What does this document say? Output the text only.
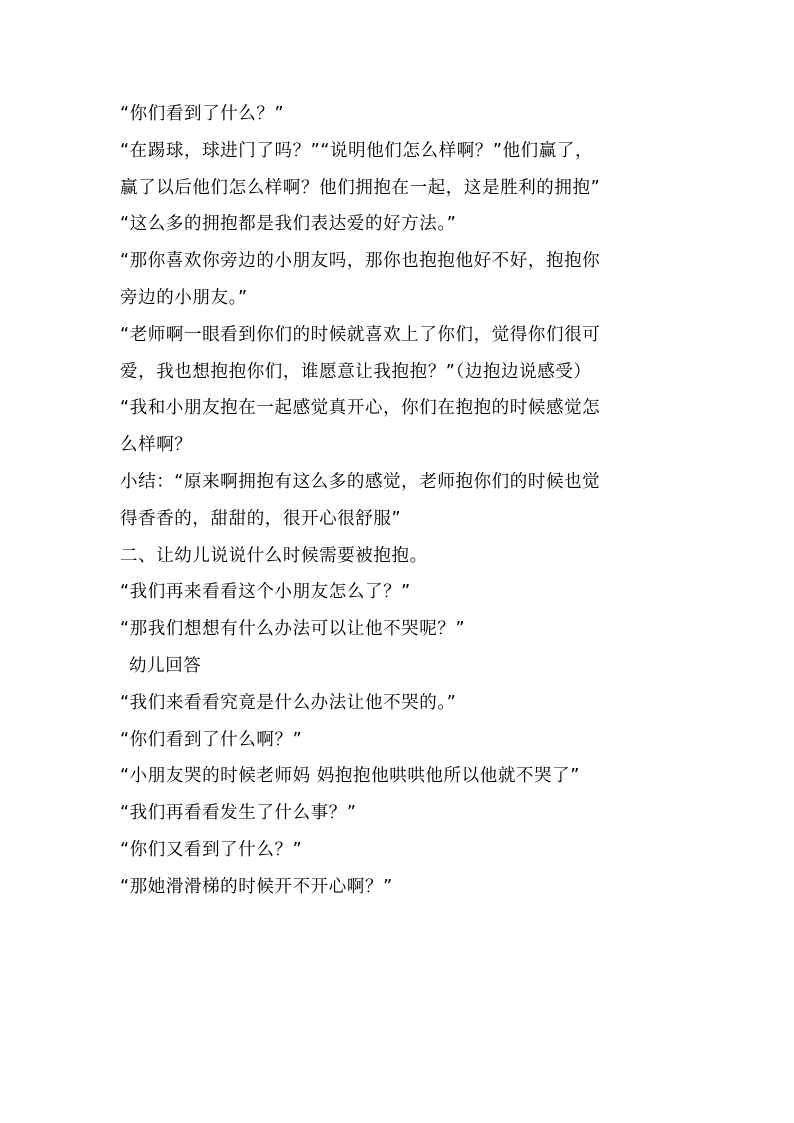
“你们看到了什么？”
“在踢球，球进门了吗？”“说明他们怎么样啊？”他们赢了，
赢了以后他们怎么样啊？他们拥抱在一起，这是胜利的拥抱”
“这么多的拥抱都是我们表达爱的好方法。”
“那你喜欢你旁边的小朋友吗，那你也抱抱他好不好，抱抱你
旁边的小朋友。”
“老师啊一眼看到你们的时候就喜欢上了你们，觉得你们很可
爱，我也想抱抱你们，谁愿意让我抱抱？”（边抱边说感受）
“我和小朋友抱在一起感觉真开心，你们在抱抱的时候感觉怎
么样啊？
小结：“原来啊拥抱有这么多的感觉，老师抱你们的时候也觉
得香香的，甜甜的，很开心很舒服”
二、让幼儿说说什么时候需要被抱抱。
“我们再来看看这个小朋友怎么了？”
“那我们想想有什么办法可以让他不哭呢？”
幼儿回答
“我们来看看究竟是什么办法让他不哭的。”
“你们看到了什么啊？”
“小朋友哭的时候老师妈 妈抱抱他哄哄他所以他就不哭了”
“我们再看看发生了什么事？”
“你们又看到了什么？”
“那她滑滑梯的时候开不开心啊？”
